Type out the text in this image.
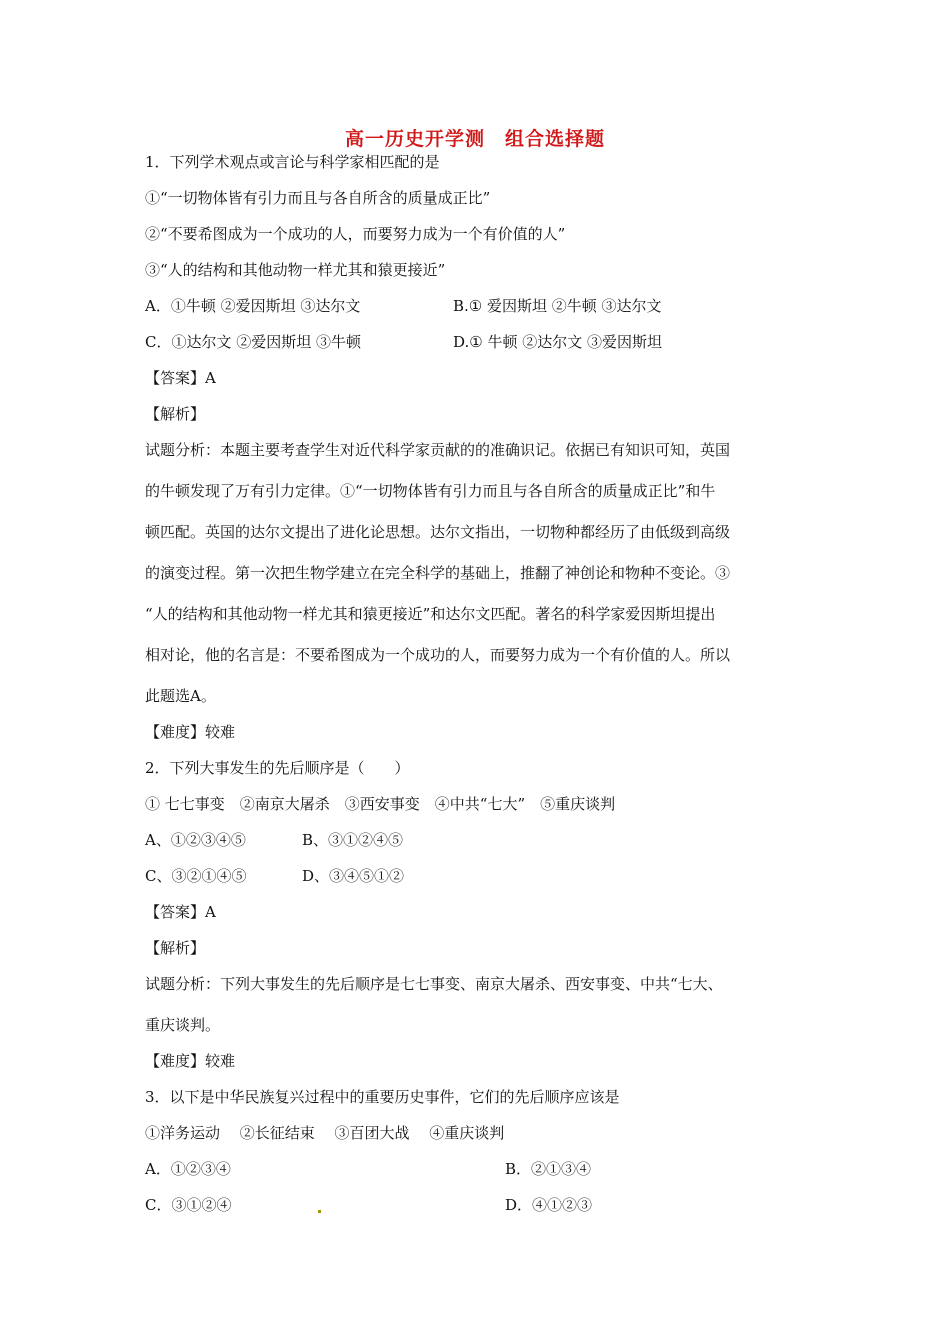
高一历史开学测　组合选择题
1．下列学术观点或言论与科学家相匹配的是
①“一切物体皆有引力而且与各自所含的质量成正比”
②“不要希图成为一个成功的人，而要努力成为一个有价值的人”
③“人的结构和其他动物一样尤其和猿更接近”
A．①牛顿 ②爱因斯坦 ③达尔文	B.① 爱因斯坦 ②牛顿 ③达尔文
C．①达尔文 ②爱因斯坦 ③牛顿	D.① 牛顿 ②达尔文 ③爱因斯坦
【答案】A
【解析】
试题分析：本题主要考查学生对近代科学家贡献的的准确识记。依据已有知识可知，英国
的牛顿发现了万有引力定律。①“一切物体皆有引力而且与各自所含的质量成正比”和牛
顿匹配。英国的达尔文提出了进化论思想。达尔文指出，一切物种都经历了由低级到高级
的演变过程。第一次把生物学建立在完全科学的基础上，推翻了神创论和物种不变论。③
“人的结构和其他动物一样尤其和猿更接近”和达尔文匹配。著名的科学家爱因斯坦提出
相对论，他的名言是：不要希图成为一个成功的人，而要努力成为一个有价值的人。所以
此题选A。
【难度】较难
2．下列大事发生的先后顺序是（　　）
① 七七事变　②南京大屠杀　③西安事变　④中共“七大”　⑤重庆谈判
A、①②③④⑤	B、③①②④⑤
C、③②①④⑤	D、③④⑤①②
【答案】A
【解析】
试题分析：下列大事发生的先后顺序是七七事变、南京大屠杀、西安事变、中共“七大、
重庆谈判。
【难度】较难
3．以下是中华民族复兴过程中的重要历史事件，它们的先后顺序应该是
①洋务运动　 ②长征结束　 ③百团大战　 ④重庆谈判
A．①②③④	B．②①③④
C．③①②④	D．④①②③
